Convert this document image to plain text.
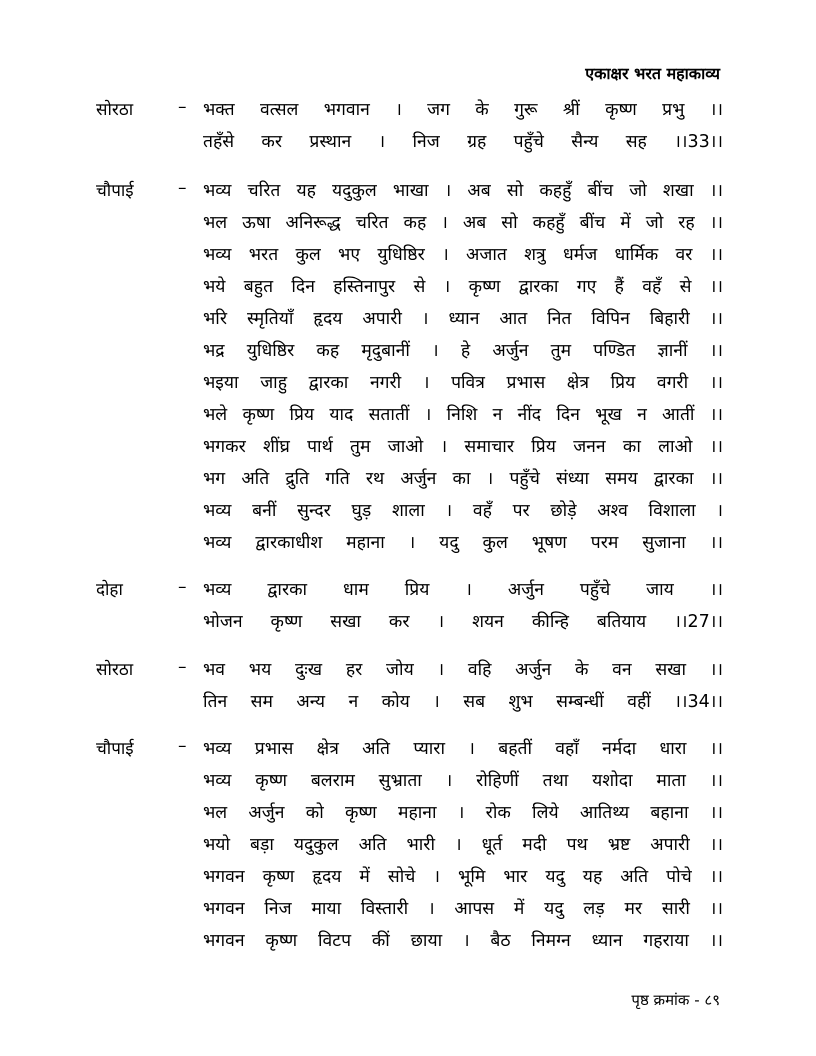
एकाक्षर भरत महाकाव्य
सोरठा	– भक्त वत्सल भगवान । जग के गुरू श्रीं कृष्ण प्रभु ।।
तहँसे कर प्रस्थान । निज ग्रह पहुँचे सैन्य सह ।।33।।
चौपाई	– भव्य चरित यह यदुकुल भाखा । अब सो कहहुँ बींच जो शखा ।।
भल ऊषा अनिरूद्ध चरित कह । अब सो कहहुँ बींच में जो रह ।।
भव्य भरत कुल भए युधिष्ठिर । अजात शत्रु धर्मज धार्मिक वर ।।
भये बहुत दिन हस्तिनापुर से । कृष्ण द्वारका गए हैं वहँ से ।।
भरि स्मृतियाँ हृदय अपारी । ध्यान आत नित विपिन बिहारी ।।
भद्र युधिष्ठिर कह मृदुबानीं । हे अर्जुन तुम पण्डित ज्ञानीं ।।
भइया जाहु द्वारका नगरी । पवित्र प्रभास क्षेत्र प्रिय वगरी ।।
भले कृष्ण प्रिय याद सतातीं । निशि न नींद दिन भूख न आतीं ।।
भगकर शींघ्र पार्थ तुम जाओ । समाचार प्रिय जनन का लाओ ।।
भग अति द्रुति गति रथ अर्जुन का । पहुँचे संध्या समय द्वारका ।।
भव्य बनीं सुन्दर घुड़ शाला । वहँ पर छोड़े अश्व विशाला ।
भव्य द्वारकाधीश महाना । यदु कुल भूषण परम सुजाना ।।
दोहा	– भव्य द्वारका धाम प्रिय । अर्जुन पहुँचे जाय ।।
भोजन कृष्ण सखा कर । शयन कीन्हि बतियाय ।।27।।
सोरठा	– भव भय दुःख हर जोय । वहि अर्जुन के वन सखा ।।
तिन सम अन्य न कोय । सब शुभ सम्बन्धीं वहीं ।।34।।
चौपाई	– भव्य प्रभास क्षेत्र अति प्यारा । बहतीं वहाँ नर्मदा धारा ।।
भव्य कृष्ण बलराम सुभ्राता । रोहिणीं तथा यशोदा माता ।।
भल अर्जुन को कृष्ण महाना । रोक लिये आतिथ्य बहाना ।।
भयो बड़ा यदुकुल अति भारी । धूर्त मदी पथ भ्रष्ट अपारी ।।
भगवन कृष्ण हृदय में सोचे । भूमि भार यदु यह अति पोचे ।।
भगवन निज माया विस्तारी । आपस में यदु लड़ मर सारी ।।
भगवन कृष्ण विटप कीं छाया । बैठ निमग्न ध्यान गहराया ।।
पृष्ठ क्रमांक - ८९
